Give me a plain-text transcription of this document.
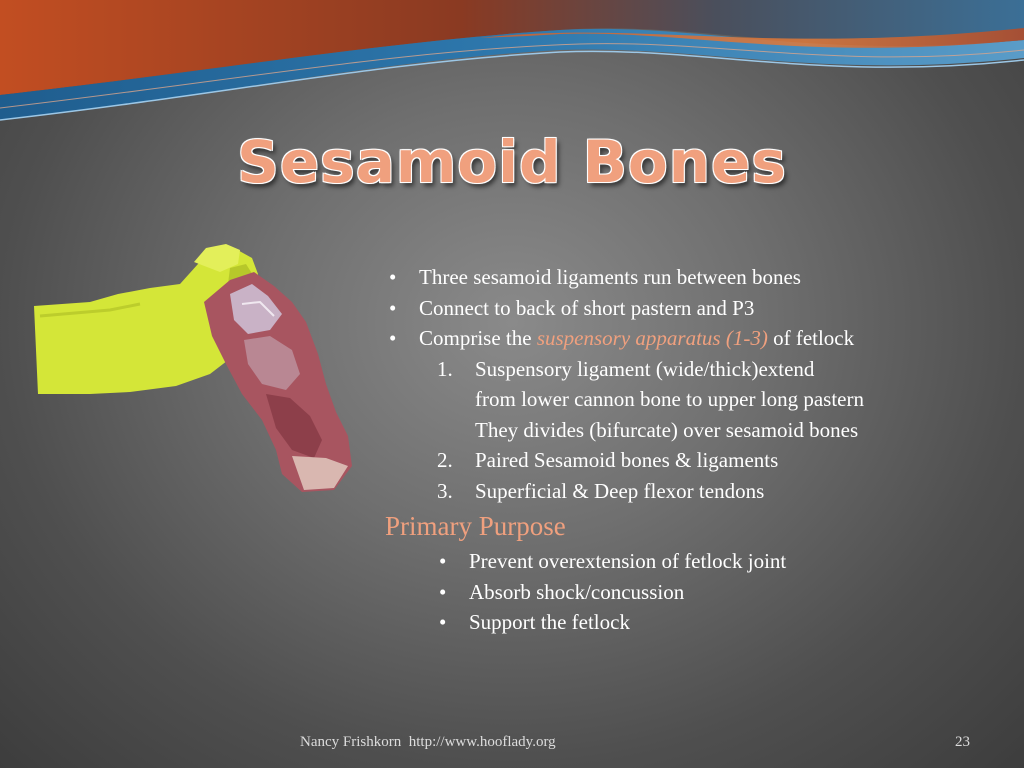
Sesamoid Bones
• Three sesamoid ligaments run between bones
• Connect to back of short pastern and P3
• Comprise the suspensory apparatus (1-3) of fetlock
1. Suspensory ligament (wide/thick)extend
from lower cannon bone to upper long pastern
They divides (bifurcate) over sesamoid bones
2. Paired Sesamoid bones & ligaments
3. Superficial & Deep flexor tendons
Primary Purpose
• Prevent overextension of fetlock joint
• Absorb shock/concussion
• Support the fetlock
Nancy Frishkorn  http://www.hooflady.org	23
